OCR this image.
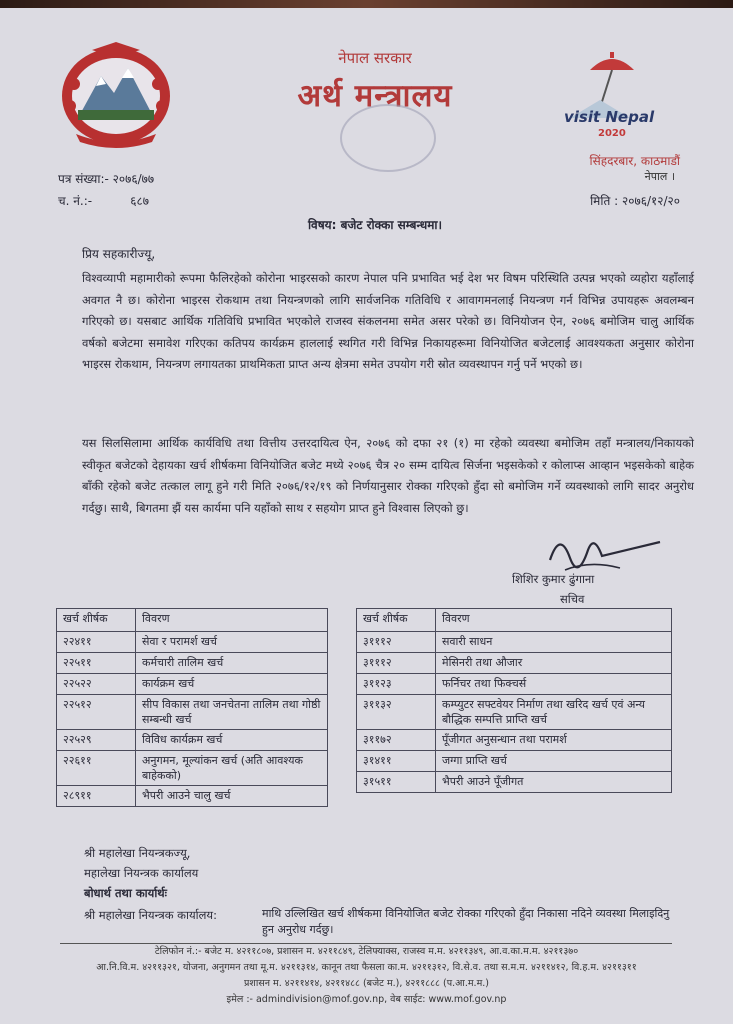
नेपाल सरकार
अर्थ मन्त्रालय
visit Nepal
2020
सिंहदरबार, काठमाडौं
नेपाल ।
मिति : २०७६/१२/२०
पत्र संख्या:- २०७६/७७
च. नं.:-          ६८७
विषय: बजेट रोक्का सम्बन्धमा।
प्रिय सहकारीज्यू,
विश्वव्यापी महामारीको रूपमा फैलिरहेको कोरोना भाइरसको कारण नेपाल पनि प्रभावित भई देश भर विषम परिस्थिति उत्पन्न भएको व्यहोरा यहाँलाई अवगत नै छ। कोरोना भाइरस रोकथाम तथा नियन्त्रणको लागि सार्वजनिक गतिविधि र आवागमनलाई नियन्त्रण गर्न विभिन्न उपायहरू अवलम्बन गरिएको छ। यसबाट आर्थिक गतिविधि प्रभावित भएकोले राजस्व संकलनमा समेत असर परेको छ। विनियोजन ऐन, २०७६ बमोजिम चालु आर्थिक वर्षको बजेटमा समावेश गरिएका कतिपय कार्यक्रम हाललाई स्थगित गरी विभिन्न निकायहरूमा विनियोजित बजेटलाई आवश्यकता अनुसार कोरोना भाइरस रोकथाम, नियन्त्रण लगायतका प्राथमिकता प्राप्त अन्य क्षेत्रमा समेत उपयोग गरी स्रोत व्यवस्थापन गर्नु पर्ने भएको छ।
यस सिलसिलामा आर्थिक कार्यविधि तथा वित्तीय उत्तरदायित्व ऐन, २०७६ को दफा २१ (१) मा रहेको व्यवस्था बमोजिम तहाँ मन्त्रालय/निकायको स्वीकृत बजेटको देहायका खर्च शीर्षकमा विनियोजित बजेट मध्ये २०७६ चैत्र २० सम्म दायित्व सिर्जना भइसकेको र कोलाप्स आव्हान भइसकेको बाहेक बाँकी रहेको बजेट तत्काल लागू हुने गरी मिति २०७६/१२/१९ को निर्णयानुसार रोक्का गरिएको हुँदा सो बमोजिम गर्ने व्यवस्थाको लागि सादर अनुरोध गर्दछु। साथै, बिगतमा झैं यस कार्यमा पनि यहाँको साथ र सहयोग प्राप्त हुने विश्वास लिएको छु।
शिशिर कुमार ढुंगाना
सचिव
खर्च शीर्षक	विवरण
२२४११	सेवा र परामर्श खर्च
२२५११	कर्मचारी तालिम खर्च
२२५२२	कार्यक्रम खर्च
२२५१२	सीप विकास तथा जनचेतना तालिम तथा गोष्ठी सम्बन्धी खर्च
२२५२९	विविध कार्यक्रम खर्च
२२६११	अनुगमन, मूल्यांकन खर्च (अति आवश्यक बाहेकको)
२८९११	भैपरी आउने चालु खर्च
खर्च शीर्षक	विवरण
३१११२	सवारी साधन
३१११२	मेसिनरी तथा औजार
३११२३	फर्निचर तथा फिक्चर्स
३११३२	कम्प्युटर सफ्टवेयर निर्माण तथा खरिद खर्च एवं अन्य बौद्धिक सम्पत्ति प्राप्ति खर्च
३११७२	पूँजीगत अनुसन्धान तथा परामर्श
३१४११	जग्गा प्राप्ति खर्च
३१५११	भैपरी आउने पूँजीगत
श्री महालेखा नियन्त्रकज्यू,
महालेखा नियन्त्रक कार्यालय
बोधार्थ तथा कार्यार्थः
श्री महालेखा नियन्त्रक कार्यालय:	माथि उल्लिखित खर्च शीर्षकमा विनियोजित बजेट रोक्का गरिएको हुँदा निकासा नदिने व्यवस्था मिलाइदिनु हुन अनुरोध गर्दछु।
टेलिफोन नं.:- बजेट म. ४२११८०७, प्रशासन म. ४२११८४९, टेलिफ्याक्स, राजस्व म.म. ४२११३४९, आ.व.का.म.म. ४२११३७०
आ.नि.वि.म. ४२११३२१, योजना, अनुगमन तथा मू.म. ४२११३१४, कानून तथा फैसला का.म. ४२११३१२, वि.से.व. तथा स.म.म. ४२११४१२, वि.ह.म. ४२११३११
प्रशासन म. ४२११४१४, ४२११४८८ (बजेट म.), ४२११८८८ (प.आ.म.म.)
इमेल :- admindivision@mof.gov.np, वेब साईट: www.mof.gov.np
